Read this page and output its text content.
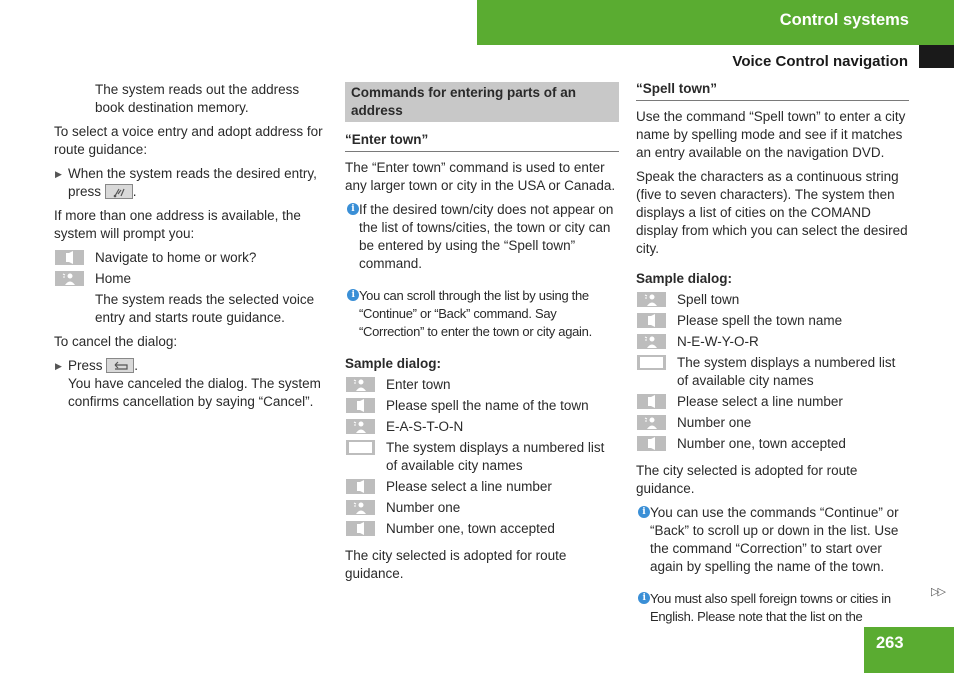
Control systems
Voice Control navigation

The system reads out the address book destination memory.

To select a voice entry and adopt address for route guidance:

▶ When the system reads the desired entry, press .

If more than one address is available, the system will prompt you:

Navigate to home or work?
Home

The system reads the selected voice entry and starts route guidance.

To cancel the dialog:

▶ Press .
You have canceled the dialog. The system confirms cancellation by saying “Cancel”.
Commands for entering parts of an address
“Enter town”

The “Enter town” command is used to enter any larger town or city in the USA or Canada.

i If the desired town/city does not appear on the list of towns/cities, the town or city can be entered by using the “Spell town” command.
i You can scroll through the list by using the “Continue” or “Back” command. Say “Correction” to enter the town or city again.
Sample dialog:
Enter town
Please spell the name of the town
E-A-S-T-O-N
The system displays a numbered list of available city names
Please select a line number
Number one
Number one, town accepted

The city selected is adopted for route guidance.

“Spell town”

Use the command “Spell town” to enter a city name by spelling mode and see if it matches an entry available on the navigation DVD.

Speak the characters as a continuous string (five to seven characters). The system then displays a list of cities on the COMAND display from which you can select the desired city.

Sample dialog:
Spell town
Please spell the town name
N-E-W-Y-O-R
The system displays a numbered list of available city names
Please select a line number
Number one
Number one, town accepted

The city selected is adopted for route guidance.

i You can use the commands “Continue” or “Back” to scroll up or down in the list. Use the command “Correction” to start over again by spelling the name of the town.
i You must also spell foreign towns or cities in English. Please note that the list on the
▷▷
263
